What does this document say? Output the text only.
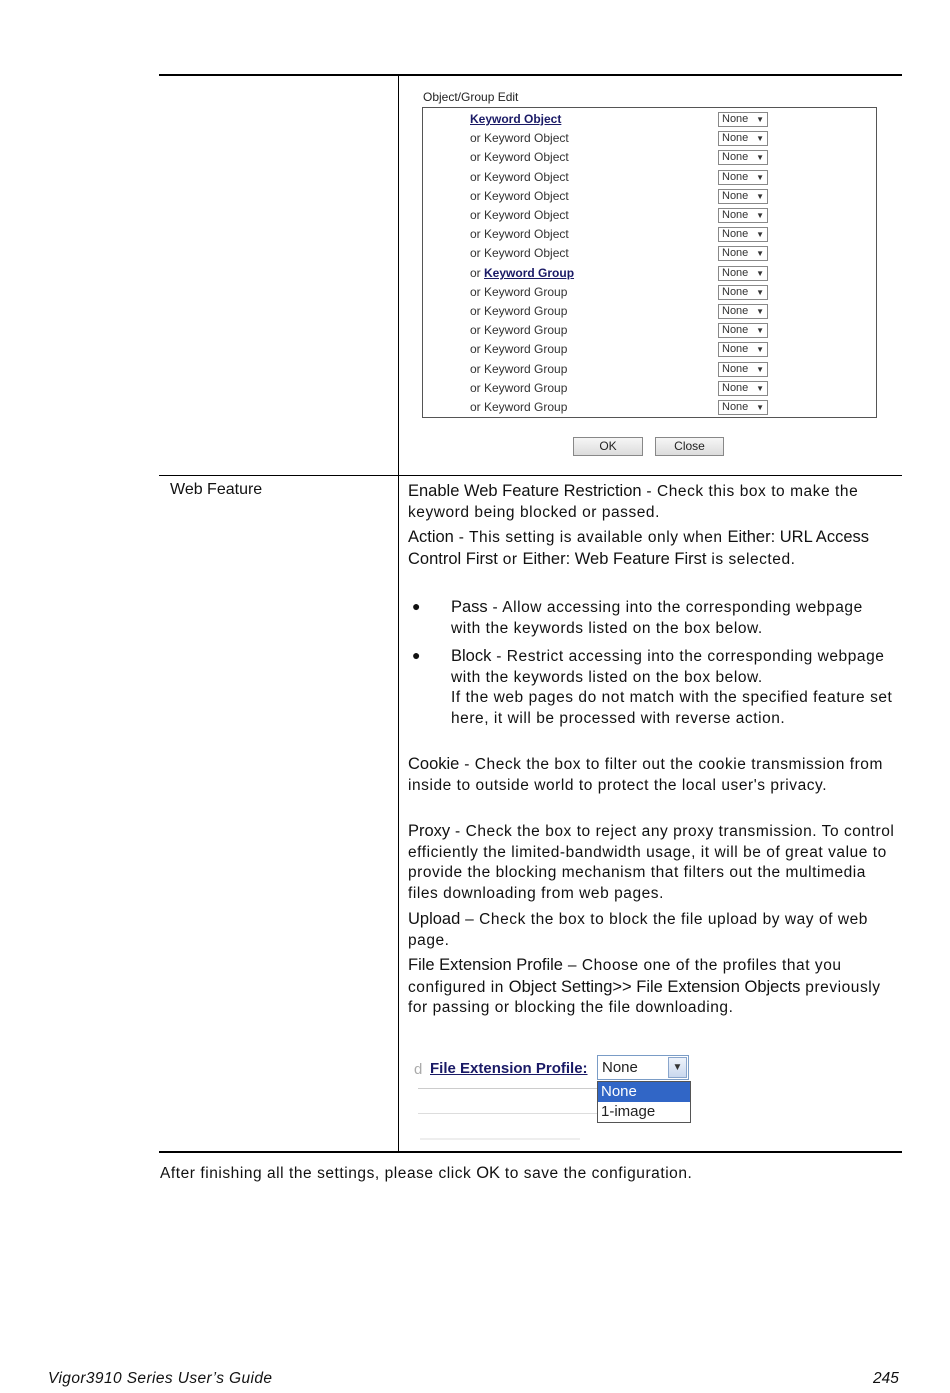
Object/Group Edit
Keyword Object	None ▼
or Keyword Object	None ▼
or Keyword Object	None ▼
or Keyword Object	None ▼
or Keyword Object	None ▼
or Keyword Object	None ▼
or Keyword Object	None ▼
or Keyword Object	None ▼
or Keyword Group	None ▼
or Keyword Group	None ▼
or Keyword Group	None ▼
or Keyword Group	None ▼
or Keyword Group	None ▼
or Keyword Group	None ▼
or Keyword Group	None ▼
or Keyword Group	None ▼
OK	Close
Web Feature	Enable Web Feature Restriction - Check this box to make the keyword being blocked or passed.
Action - This setting is available only when Either: URL Access Control First or Either: Web Feature First is selected.
● Pass - Allow accessing into the corresponding webpage with the keywords listed on the box below.
● Block - Restrict accessing into the corresponding webpage with the keywords listed on the box below.
If the web pages do not match with the specified feature set here, it will be processed with reverse action.
Cookie - Check the box to filter out the cookie transmission from inside to outside world to protect the local user's privacy.
Proxy - Check the box to reject any proxy transmission. To control efficiently the limited-bandwidth usage, it will be of great value to provide the blocking mechanism that filters out the multimedia files downloading from web pages.
Upload – Check the box to block the file upload by way of web page.
File Extension Profile – Choose one of the profiles that you configured in Object Setting>> File Extension Objects previously for passing or blocking the file downloading.
d File Extension Profile: None	▼
None
1-image
After finishing all the settings, please click OK to save the configuration.
Vigor3910 Series User’s Guide	245
